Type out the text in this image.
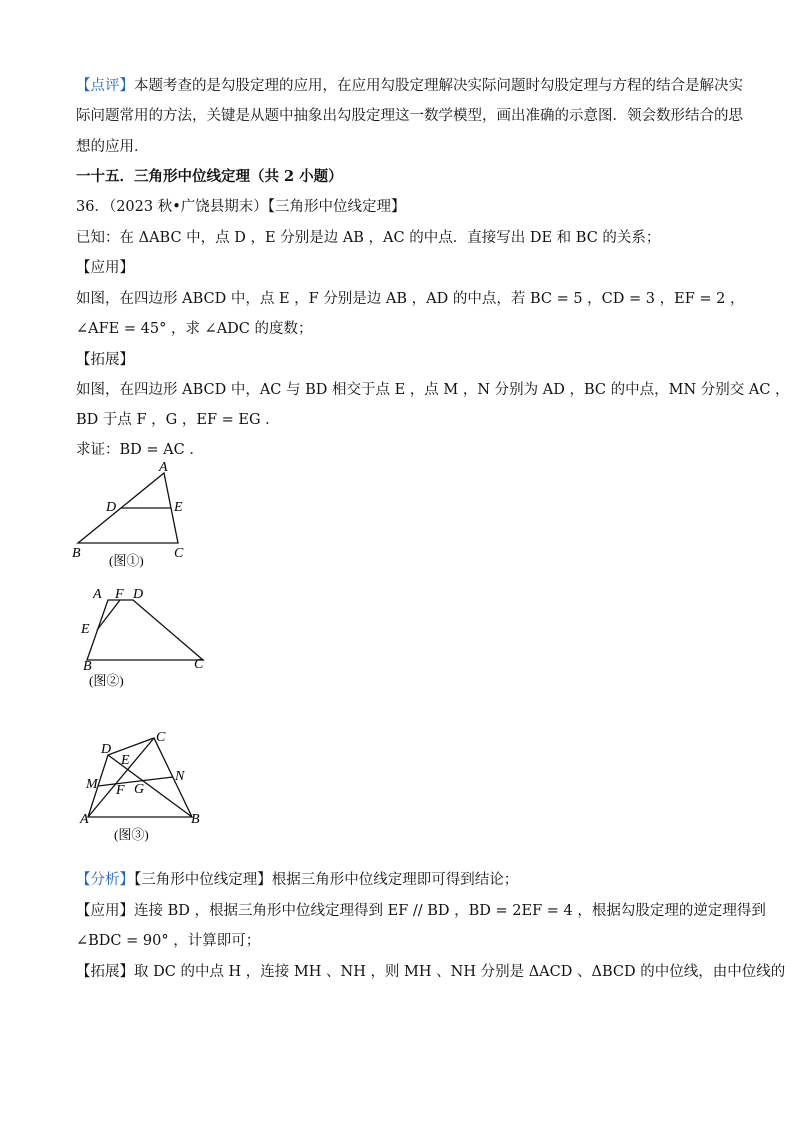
【点评】本题考查的是勾股定理的应用，在应用勾股定理解决实际问题时勾股定理与方程的结合是解决实
际问题常用的方法，关键是从题中抽象出勾股定理这一数学模型，画出准确的示意图．领会数形结合的思
想的应用．
一十五．三角形中位线定理（共 2 小题）
36．（2023 秋•广饶县期末）【三角形中位线定理】
已知：在 ΔABC 中，点 D ，E 分别是边 AB ，AC 的中点．直接写出 DE 和 BC 的关系；
【应用】
如图，在四边形 ABCD 中，点 E ，F 分别是边 AB ，AD 的中点，若 BC = 5 ，CD = 3 ，EF = 2 ，
∠AFE = 45° ，求 ∠ADC 的度数；
【拓展】
如图，在四边形 ABCD 中，AC 与 BD 相交于点 E ，点 M ，N 分别为 AD ，BC 的中点，MN 分别交 AC ，
BD 于点 F ，G ，EF = EG ．
求证：BD = AC ．
A
D	E
B	C
(图①)
A F D
E
B	C
(图②)
D
C
E
M
N
F G
A	B
(图③)
【分析】【三角形中位线定理】根据三角形中位线定理即可得到结论；
【应用】连接 BD ，根据三角形中位线定理得到 EF // BD ，BD = 2EF = 4 ，根据勾股定理的逆定理得到
∠BDC = 90° ，计算即可；
【拓展】取 DC 的中点 H ，连接 MH 、NH ，则 MH 、NH 分别是 ΔACD 、ΔBCD 的中位线，由中位线的
